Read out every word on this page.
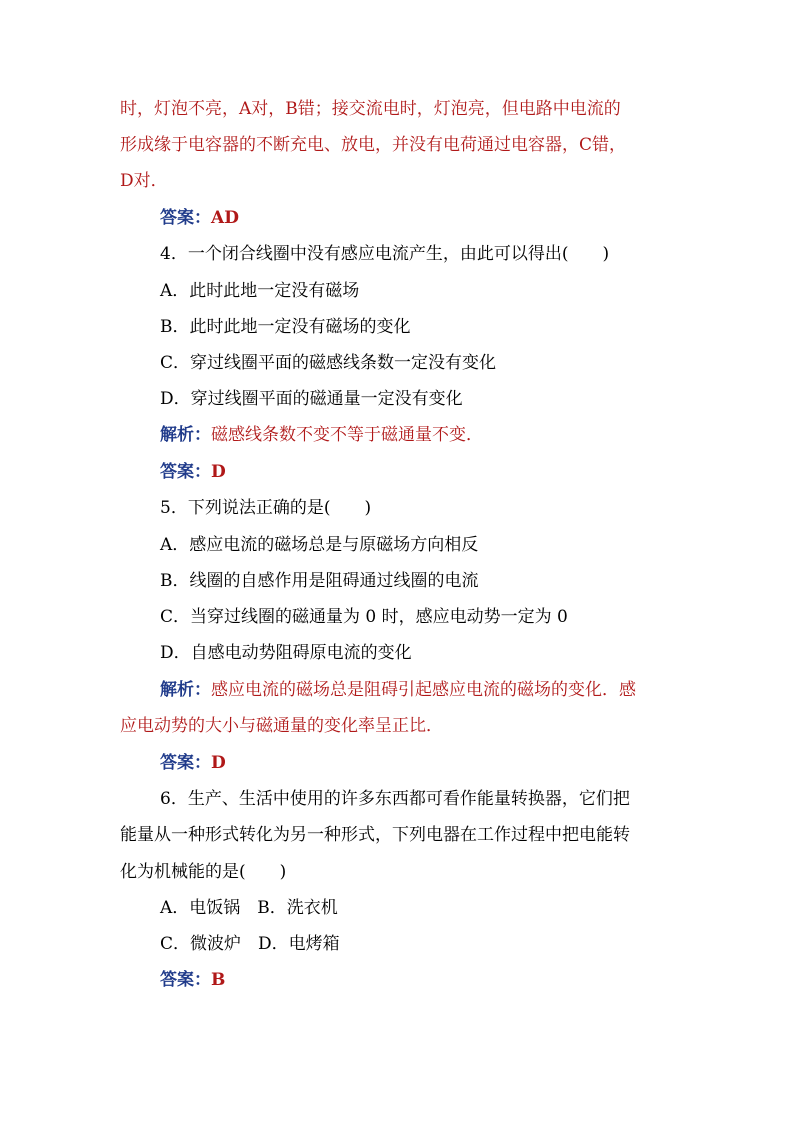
时，灯泡不亮，A对，B错；接交流电时，灯泡亮，但电路中电流的
形成缘于电容器的不断充电、放电，并没有电荷通过电容器，C错，
D对．
答案：AD
4．一个闭合线圈中没有感应电流产生，由此可以得出(　　)
A．此时此地一定没有磁场
B．此时此地一定没有磁场的变化
C．穿过线圈平面的磁感线条数一定没有变化
D．穿过线圈平面的磁通量一定没有变化
解析：磁感线条数不变不等于磁通量不变．
答案：D
5．下列说法正确的是(　　)
A．感应电流的磁场总是与原磁场方向相反
B．线圈的自感作用是阻碍通过线圈的电流
C．当穿过线圈的磁通量为 0 时，感应电动势一定为 0
D．自感电动势阻碍原电流的变化
解析：感应电流的磁场总是阻碍引起感应电流的磁场的变化．感
应电动势的大小与磁通量的变化率呈正比．
答案：D
6．生产、生活中使用的许多东西都可看作能量转换器，它们把
能量从一种形式转化为另一种形式，下列电器在工作过程中把电能转
化为机械能的是(　　)
A．电饭锅　B．洗衣机
C．微波炉　D．电烤箱
答案：B
